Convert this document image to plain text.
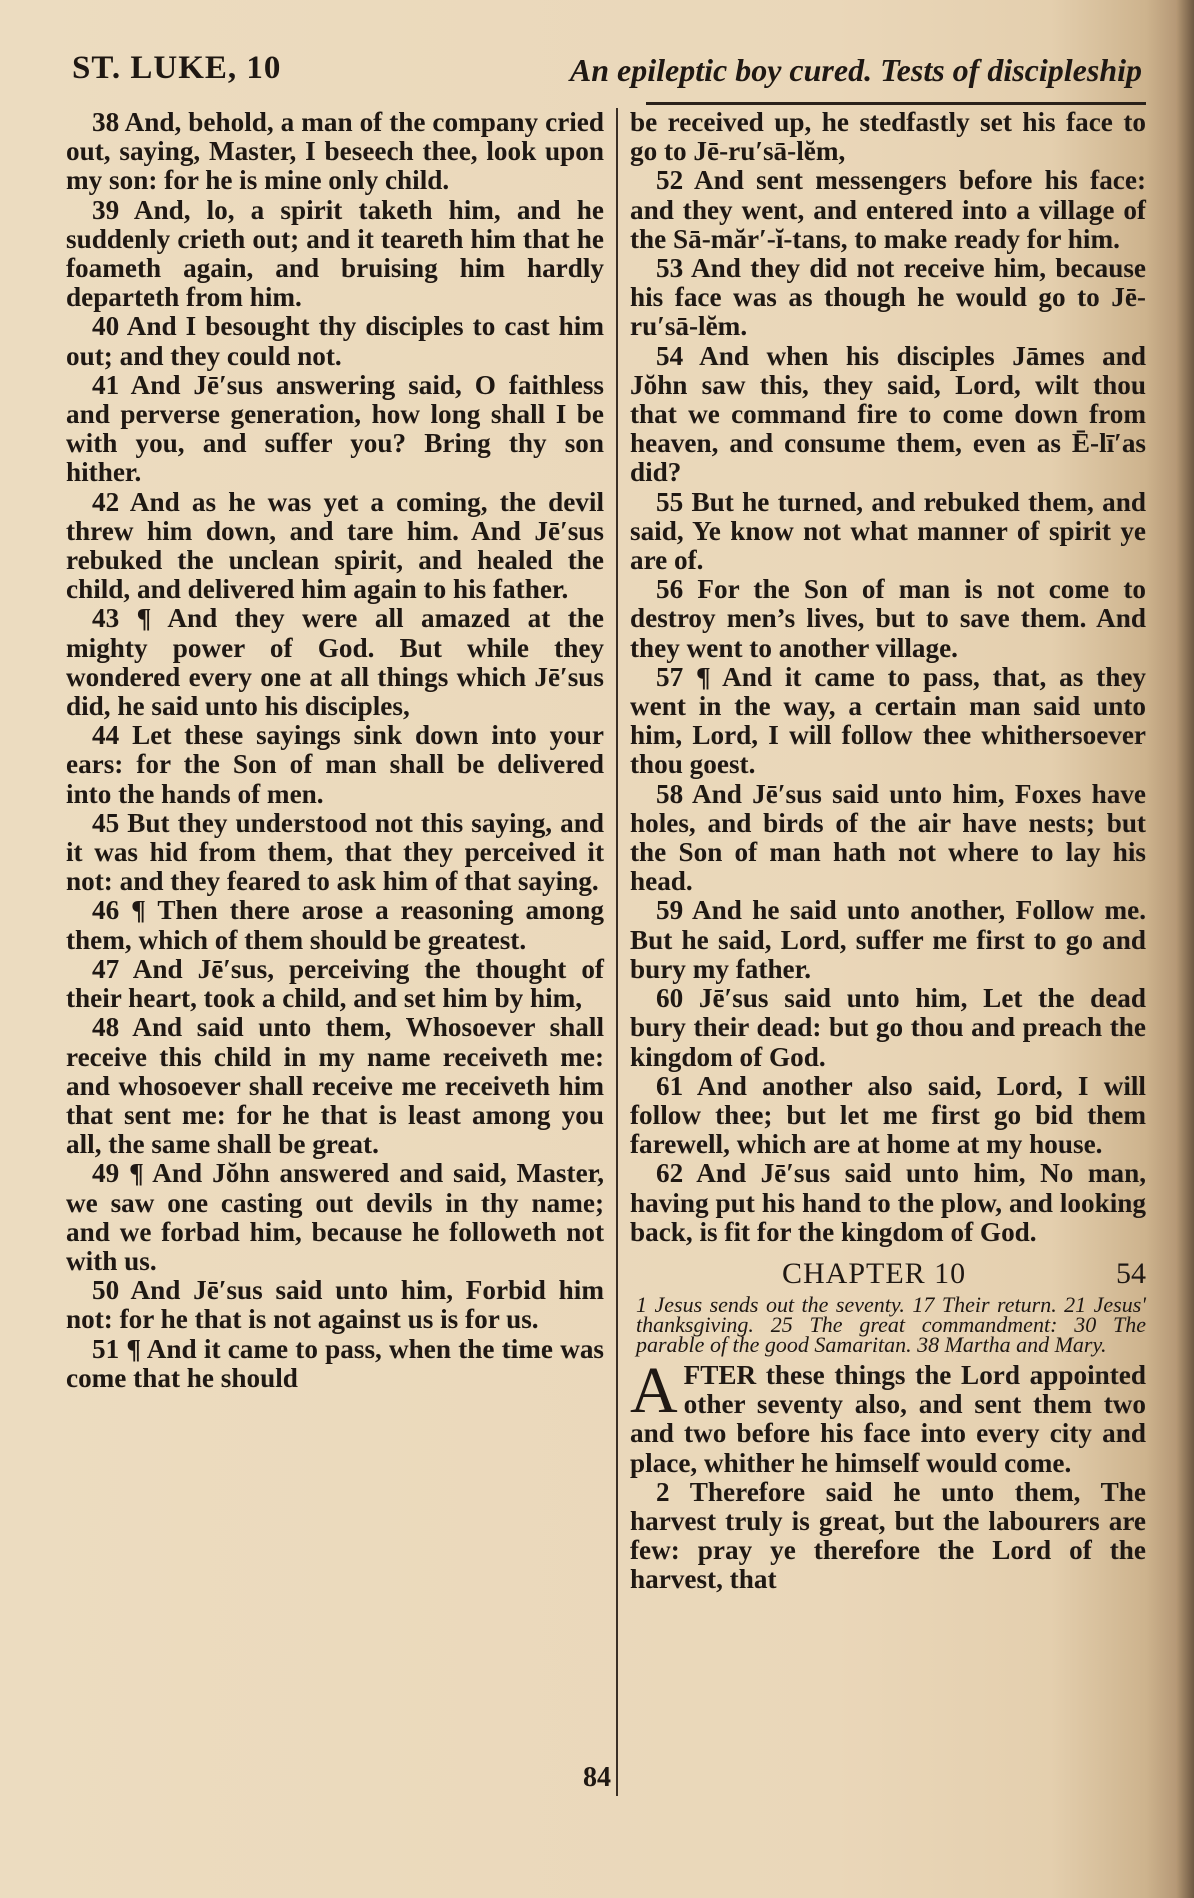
ST. LUKE, 10	An epileptic boy cured. Tests of discipleship

38 And, behold, a man of the company cried out, saying, Master, I beseech thee, look upon my son: for he is mine only child.

39 And, lo, a spirit taketh him, and he suddenly crieth out; and it teareth him that he foameth again, and bruising him hardly departeth from him.

40 And I besought thy disciples to cast him out; and they could not.

41 And Jē′sus answering said, O faithless and perverse generation, how long shall I be with you, and suffer you? Bring thy son hither.

42 And as he was yet a coming, the devil threw him down, and tare him. And Jē′sus rebuked the unclean spirit, and healed the child, and delivered him again to his father.

43 ¶ And they were all amazed at the mighty power of God. But while they wondered every one at all things which Jē′sus did, he said unto his disciples,

44 Let these sayings sink down into your ears: for the Son of man shall be delivered into the hands of men.

45 But they understood not this saying, and it was hid from them, that they perceived it not: and they feared to ask him of that saying.

46 ¶ Then there arose a reasoning among them, which of them should be greatest.

47 And Jē′sus, perceiving the thought of their heart, took a child, and set him by him,

48 And said unto them, Whosoever shall receive this child in my name receiveth me: and whosoever shall receive me receiveth him that sent me: for he that is least among you all, the same shall be great.

49 ¶ And Jŏhn answered and said, Master, we saw one casting out devils in thy name; and we forbad him, because he followeth not with us.

50 And Jē′sus said unto him, Forbid him not: for he that is not against us is for us.

51 ¶ And it came to pass, when the time was come that he should

be received up, he stedfastly set his face to go to Jē-ru′sā-lĕm,

52 And sent messengers before his face: and they went, and entered into a village of the Sā-măr′-ĭ-tans, to make ready for him.

53 And they did not receive him, because his face was as though he would go to Jē-ru′sā-lĕm.

54 And when his disciples Jāmes and Jŏhn saw this, they said, Lord, wilt thou that we command fire to come down from heaven, and consume them, even as Ē-lī′as did?

55 But he turned, and rebuked them, and said, Ye know not what manner of spirit ye are of.

56 For the Son of man is not come to destroy men’s lives, but to save them. And they went to another village.

57 ¶ And it came to pass, that, as they went in the way, a certain man said unto him, Lord, I will follow thee whithersoever thou goest.

58 And Jē′sus said unto him, Foxes have holes, and birds of the air have nests; but the Son of man hath not where to lay his head.

59 And he said unto another, Follow me. But he said, Lord, suffer me first to go and bury my father.

60 Jē′sus said unto him, Let the dead bury their dead: but go thou and preach the kingdom of God.

61 And another also said, Lord, I will follow thee; but let me first go bid them farewell, which are at home at my house.

62 And Jē′sus said unto him, No man, having put his hand to the plow, and looking back, is fit for the kingdom of God.

CHAPTER 10	54
1 Jesus sends out the seventy. 17 Their return. 21 Jesus' thanksgiving. 25 The great commandment: 30 The parable of the good Samaritan. 38 Martha and Mary.

AFTER these things the Lord appointed other seventy also, and sent them two and two before his face into every city and place, whither he himself would come.

2 Therefore said he unto them, The harvest truly is great, but the labourers are few: pray ye therefore the Lord of the harvest, that

84
